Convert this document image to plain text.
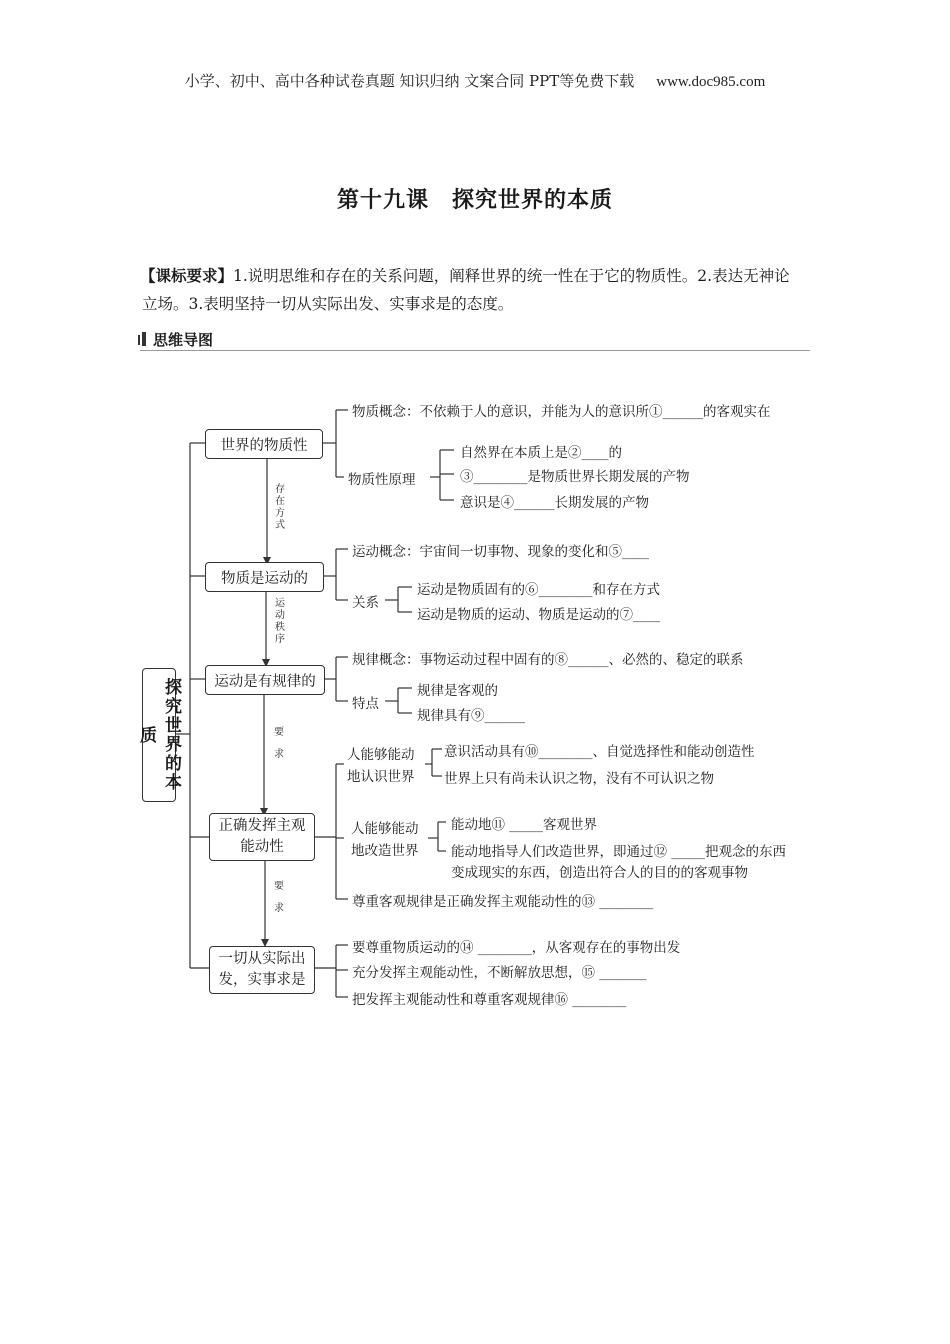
小学、初中、高中各种试卷真题 知识归纳 文案合同 PPT等免费下载 www.doc985.com
第十九课　探究世界的本质
【课标要求】1.说明思维和存在的关系问题，阐释世界的统一性在于它的物质性。2.表达无神论
立场。3.表明坚持一切从实际出发、实事求是的态度。
思维导图
探究世界的本质
世界的物质性
物质是运动的
运动是有规律的
正确发挥主观
能动性
一切从实际出
发，实事求是
存
在
方
式
运
动
秩
序
要
求
要
求
物质概念：不依赖于人的意识，并能为人的意识所①______的客观实在
物质性原理
自然界在本质上是②____的
③________是物质世界长期发展的产物
意识是④______长期发展的产物
运动概念：宇宙间一切事物、现象的变化和⑤____
关系
运动是物质固有的⑥________和存在方式
运动是物质的运动、物质是运动的⑦____
规律概念：事物运动过程中固有的⑧______、必然的、稳定的联系
特点
规律是客观的
规律具有⑨______
人能够能动
地认识世界
意识活动具有⑩________、自觉选择性和能动创造性
世界上只有尚未认识之物，没有不可认识之物
人能够能动
地改造世界
能动地⑪ _____客观世界
能动地指导人们改造世界，即通过⑫ _____把观念的东西
变成现实的东西，创造出符合人的目的的客观事物
尊重客观规律是正确发挥主观能动性的⑬ ________
要尊重物质运动的⑭ ________，从客观存在的事物出发
充分发挥主观能动性，不断解放思想，⑮ _______
把发挥主观能动性和尊重客观规律⑯ ________
